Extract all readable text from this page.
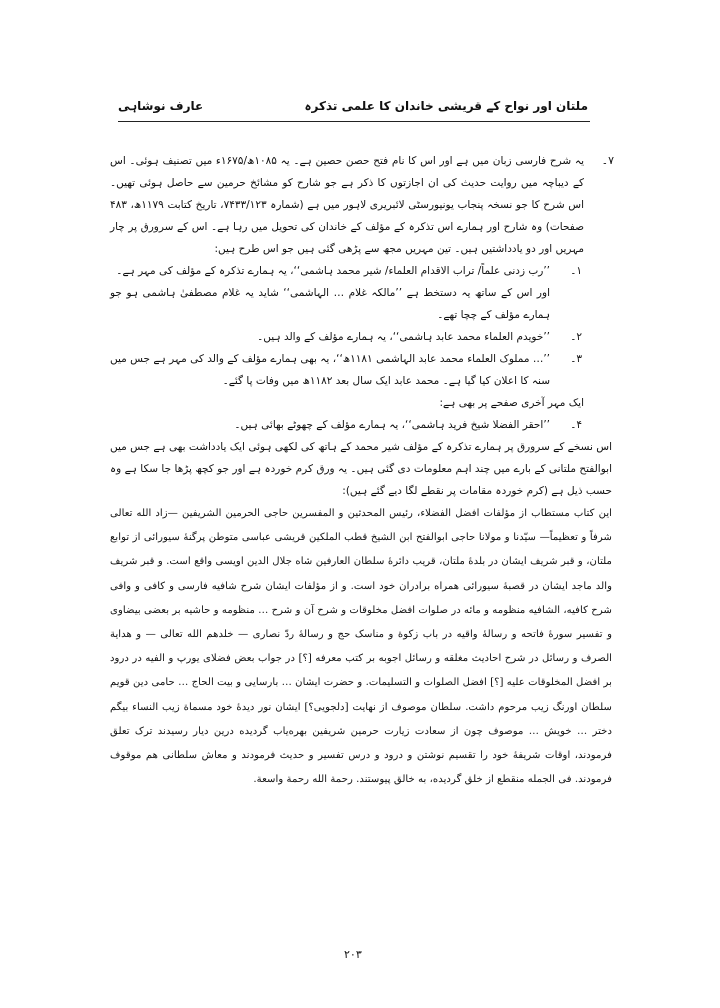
ملتان اور نواح کے قریشی خاندان کا علمی تذکرہ
عارف نوشاہی

۷۔
یہ شرح فارسی زبان میں ہے اور اس کا نام فتح حصن حصین ہے۔ یہ ۱۰۸۵ھ/۱۶۷۵ء میں تصنیف ہوئی۔ اس کے دیباچہ میں روایت حدیث کی ان اجازتوں کا ذکر ہے جو شارح کو مشائخ حرمین سے حاصل ہوئی تھیں۔ اس شرح کا جو نسخہ پنجاب یونیورسٹی لائبریری لاہور میں ہے (شمارہ ۷۴۳۳/۱۲۳، تاریخ کتابت ۱۱۷۹ھ، ۴۸۳ صفحات) وہ شارح اور ہمارے اس تذکرہ کے مؤلف کے خاندان کی تحویل میں رہا ہے۔ اس کے سرورق پر چار مہریں اور دو یادداشتیں ہیں۔ تین مہریں مجھ سے پڑھی گئی ہیں جو اس طرح ہیں:

۱۔
’’رب زدنی علماً/ تراب الاقدام العلماء/ شیر محمد ہاشمی‘‘، یہ ہمارے تذکرہ کے مؤلف کی مہر ہے۔

اور اس کے ساتھ یہ دستخط ہے ’’مالکہ غلام … الہاشمی‘‘ شاید یہ غلام مصطفیٰ ہاشمی ہو جو ہمارے مؤلف کے چچا تھے۔

۲۔
’’خویدم العلماء محمد عابد ہاشمی‘‘، یہ ہمارے مؤلف کے والد ہیں۔

۳۔
’’… مملوک العلماء محمد عابد الہاشمی ۱۱۸۱ھ‘‘، یہ بھی ہمارے مؤلف کے والد کی مہر ہے جس میں سنہ کا اعلان کیا گیا ہے۔ محمد عابد ایک سال بعد ۱۱۸۲ھ میں وفات پا گئے۔

ایک مہر آخری صفحے پر بھی ہے:

۴۔
’’احقر الفضلا شیخ فرید ہاشمی‘‘، یہ ہمارے مؤلف کے چھوٹے بھائی ہیں۔

اس نسخے کے سرورق پر ہمارے تذکرہ کے مؤلف شیر محمد کے ہاتھ کی لکھی ہوئی ایک یادداشت بھی ہے جس میں ابوالفتح ملتانی کے بارے میں چند اہم معلومات دی گئی ہیں۔ یہ ورق کرم خوردہ ہے اور جو کچھ پڑھا جا سکا ہے وہ حسب ذیل ہے (کرم خوردہ مقامات پر نقطے لگا دیے گئے ہیں):

این کتاب مستطاب از مؤلفات افضل الفضلاء، رئیس المحدثین و المفسرین حاجی الحرمین الشریفین —زاد الله تعالی شرفاً و تعظیماً— سیّدنا و مولانا حاجی ابوالفتح ابن الشیخ قطب الملکین قریشی عباسی متوطن پرگنهٔ سیورائی از توابع ملتان، و قبر شریف ایشان در بلدهٔ ملتان، قریب دائرهٔ سلطان العارفین شاه جلال الدین اویسی واقع است. و قبر شریف والد ماجد ایشان در قصبهٔ سیورائی همراه برادران خود است. و از مؤلفات ایشان شرح شافیه فارسی و کافی و وافی شرح کافیه، الشافیه منظومه و مائه در صلوات افضل مخلوقات و شرح آن و شرح … منظومه و حاشیه بر بعضی بیضاوی و تفسیر سورهٔ فاتحه و رسالهٔ واقیه در باب زکوة و مناسک حج و رسالهٔ ردّ نصاری — خلدهم الله تعالی — و هدایة الصرف و رسائل در شرح احادیث مغلقه و رسائل اجوبه بر کتب معرفه [؟] در جواب بعض فضلای یورپ و الفیه در درود بر افضل المخلوقات علیه [؟] افضل الصلوات و التسلیمات. و حضرت ایشان … بارسایی و بیت الحاج … حامی دین قویم سلطان اورنگ زیب مرحوم داشت. سلطان موصوف از نهایت [دلجویی؟] ایشان نور دیدهٔ خود مسماة زیب النساء بیگم دختر … خویش … موصوف چون از سعادت زیارت حرمین شریفین بهره‌یاب گردیده درین دیار رسیدند ترک تعلق فرمودند، اوقات شریفهٔ خود را تقسیم نوشتن و درود و درس تفسیر و حدیث فرمودند و معاش سلطانی هم موقوف فرمودند. فی الجمله منقطع از خلق گردیده، به خالق پیوستند. رحمة الله رحمة واسعة.

۲۰۳
